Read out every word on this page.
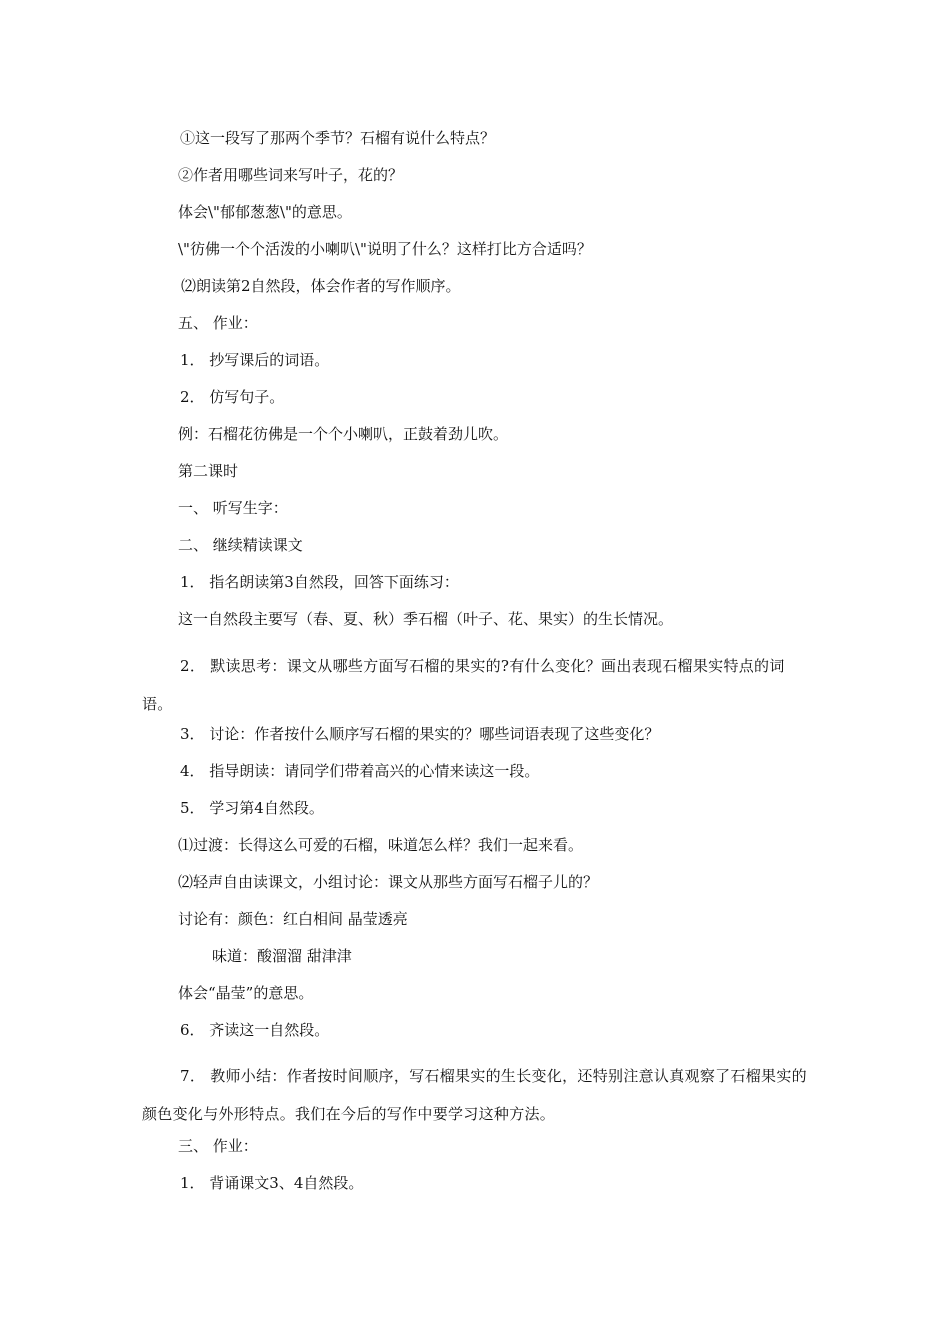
①这一段写了那两个季节？石榴有说什么特点？
②作者用哪些词来写叶子，花的？
体会\"郁郁葱葱\"的意思。
\"彷佛一个个活泼的小喇叭\"说明了什么？这样打比方合适吗？
⑵朗读第2自然段，体会作者的写作顺序。
五、 作业：
1． 抄写课后的词语。
2． 仿写句子。
例：石榴花彷佛是一个个小喇叭，正鼓着劲儿吹。
第二课时
一、 听写生字：
二、 继续精读课文
1． 指名朗读第3自然段，回答下面练习：
这一自然段主要写（春、夏、秋）季石榴（叶子、花、果实）的生长情况。
2． 默读思考：课文从哪些方面写石榴的果实的?有什么变化？画出表现石榴果实特点的词语。
3． 讨论：作者按什么顺序写石榴的果实的？哪些词语表现了这些变化？
4． 指导朗读：请同学们带着高兴的心情来读这一段。
5． 学习第4自然段。
⑴过渡：长得这么可爱的石榴，味道怎么样？我们一起来看。
⑵轻声自由读课文，小组讨论：课文从那些方面写石榴子儿的？
讨论有：颜色：红白相间 晶莹透亮
味道：酸溜溜 甜津津
体会“晶莹”的意思。
6． 齐读这一自然段。
7． 教师小结：作者按时间顺序，写石榴果实的生长变化，还特别注意认真观察了石榴果实的颜色变化与外形特点。我们在今后的写作中要学习这种方法。
三、 作业：
1． 背诵课文3、4自然段。
